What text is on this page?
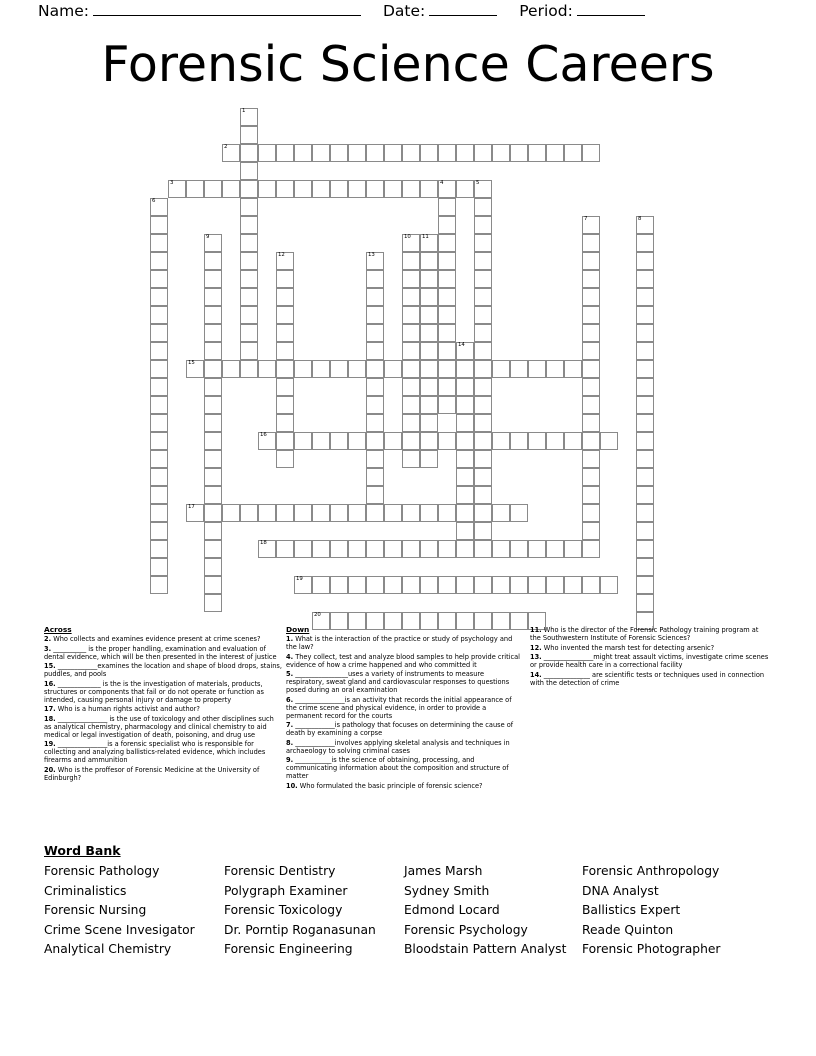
Name:	Date:	Period:
Forensic Science Careers
1
2
3	4	5
6
7	8
9	10 11
12	13
14
15
16
17
18
19
20
Across
2. Who collects and examines evidence present at crime scenes?
3. __________ is the proper handling, examination and evaluation of dental evidence, which will be then presented in the interest of justice
15. ____________examines the location and shape of blood drops, stains, puddles, and pools
16. _____________ is the is the investigation of materials, products, structures or components that fail or do not operate or function as intended, causing personal injury or damage to property
17. Who is a human rights activist and author?
18. _______________ is the use of toxicology and other disciplines such as analytical chemistry, pharmacology and clinical chemistry to aid medical or legal investigation of death, poisoning, and drug use
19. _______________is a forensic specialist who is responsible for collecting and analyzing ballistics-related evidence, which includes firearms and ammunition
20. Who is the proffesor of Forensic Medicine at the University of Edinburgh?
Down
1. What is the interaction of the practice or study of psychology and the law?
4. They collect, test and analyze blood samples to help provide critical evidence of how a crime happened and who committed it
5. ________________uses a variety of instruments to measure respiratory, sweat gland and cardiovascular responses to questions posed during an oral examination
6. _______________is an activity that records the initial appearance of the crime scene and physical evidence, in order to provide a permanent record for the courts
7. ____________is pathology that focuses on determining the cause of death by examining a corpse
8. ____________involves applying skeletal analysis and techniques in archaeology to solving criminal cases
9. ___________is the science of obtaining, processing, and communicating information about the composition and structure of matter
10. Who formulated the basic principle of forensic science?
11. Who is the director of the Forensic Pathology training program at the Southwestern Institute of Forensic Sciences?
12. Who invented the marsh test for detecting arsenic?
13. _______________might treat assault victims, investigate crime scenes or provide health care in a correctional facility
14. ______________ are scientific tests or techniques used in connection with the detection of crime
Word Bank
Forensic Pathology	Forensic Dentistry	James Marsh	Forensic Anthropology
Criminalistics	Polygraph Examiner	Sydney Smith	DNA Analyst
Forensic Nursing	Forensic Toxicology	Edmond Locard	Ballistics Expert
Crime Scene Invesigator	Dr. Porntip Roganasunan	Forensic Psychology	Reade Quinton
Analytical Chemistry	Forensic Engineering	Bloodstain Pattern Analyst	Forensic Photographer
